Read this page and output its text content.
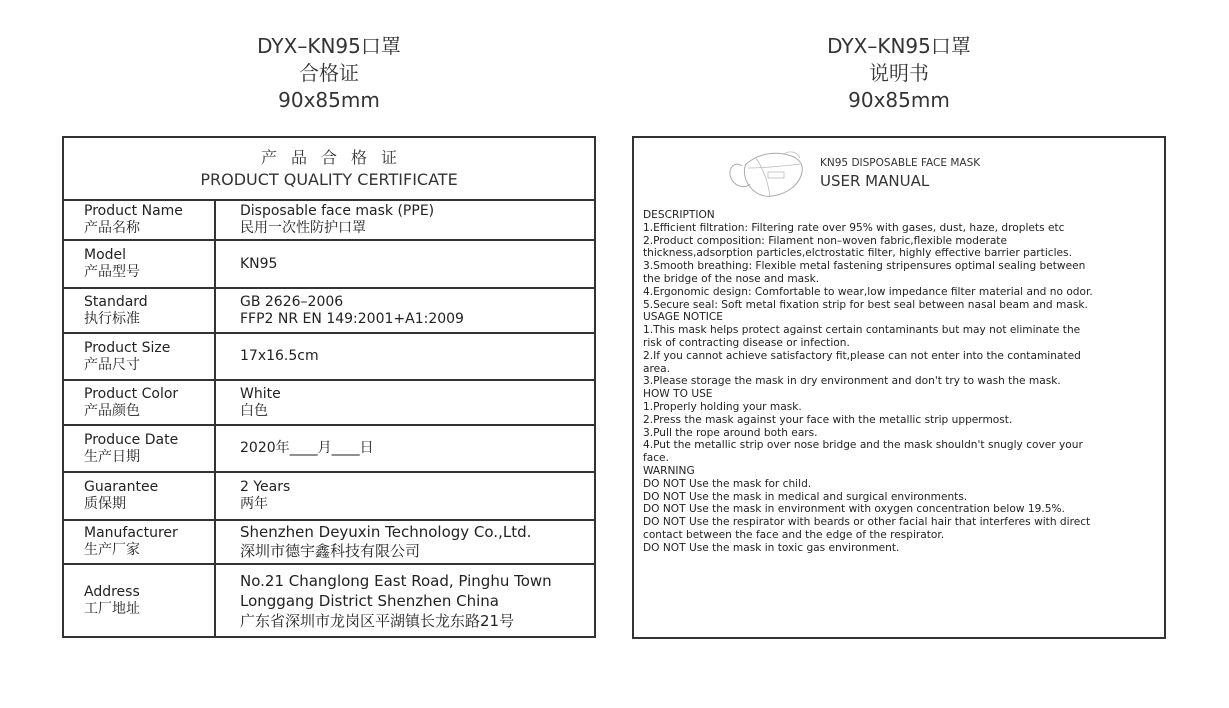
DYX–KN95口罩
合格证
90x85mm
DYX–KN95口罩
说明书
90x85mm
产品合格证
PRODUCT QUALITY CERTIFICATE
Product Name
产品名称
Disposable face mask (PPE)
民用一次性防护口罩
Model
产品型号
KN95
Standard
执行标准
GB 2626–2006
FFP2 NR EN 149:2001+A1:2009
Product Size
产品尺寸
17x16.5cm
Product Color
产品颜色
White
白色
Produce Date
生产日期
2020年____月____日
Guarantee
质保期
2 Years
两年
Manufacturer
生产厂家
Shenzhen Deyuxin Technology Co.,Ltd.
深圳市德宇鑫科技有限公司
Address
工厂地址
No.21 Changlong East Road, Pinghu Town
Longgang District Shenzhen China
广东省深圳市龙岗区平湖镇长龙东路21号
KN95 DISPOSABLE FACE MASK
USER MANUAL
DESCRIPTION
1.Efficient filtration: Filtering rate over 95% with gases, dust, haze, droplets etc
2.Product composition: Filament non–woven fabric,flexible moderate
thickness,adsorption particles,elctrostatic filter, highly effective barrier particles.
3.Smooth breathing: Flexible metal fastening stripensures optimal sealing between
the bridge of the nose and mask.
4.Ergonomic design: Comfortable to wear,low impedance filter material and no odor.
5.Secure seal: Soft metal fixation strip for best seal between nasal beam and mask.
USAGE NOTICE
1.This mask helps protect against certain contaminants but may not eliminate the
risk of contracting disease or infection.
2.If you cannot achieve satisfactory fit,please can not enter into the contaminated
area.
3.Please storage the mask in dry environment and don't try to wash the mask.
HOW TO USE
1.Properly holding your mask.
2.Press the mask against your face with the metallic strip uppermost.
3.Pull the rope around both ears.
4.Put the metallic strip over nose bridge and the mask shouldn't snugly cover your
face.
WARNING
DO NOT Use the mask for child.
DO NOT Use the mask in medical and surgical environments.
DO NOT Use the mask in environment with oxygen concentration below 19.5%.
DO NOT Use the respirator with beards or other facial hair that interferes with direct
contact between the face and the edge of the respirator.
DO NOT Use the mask in toxic gas environment.
